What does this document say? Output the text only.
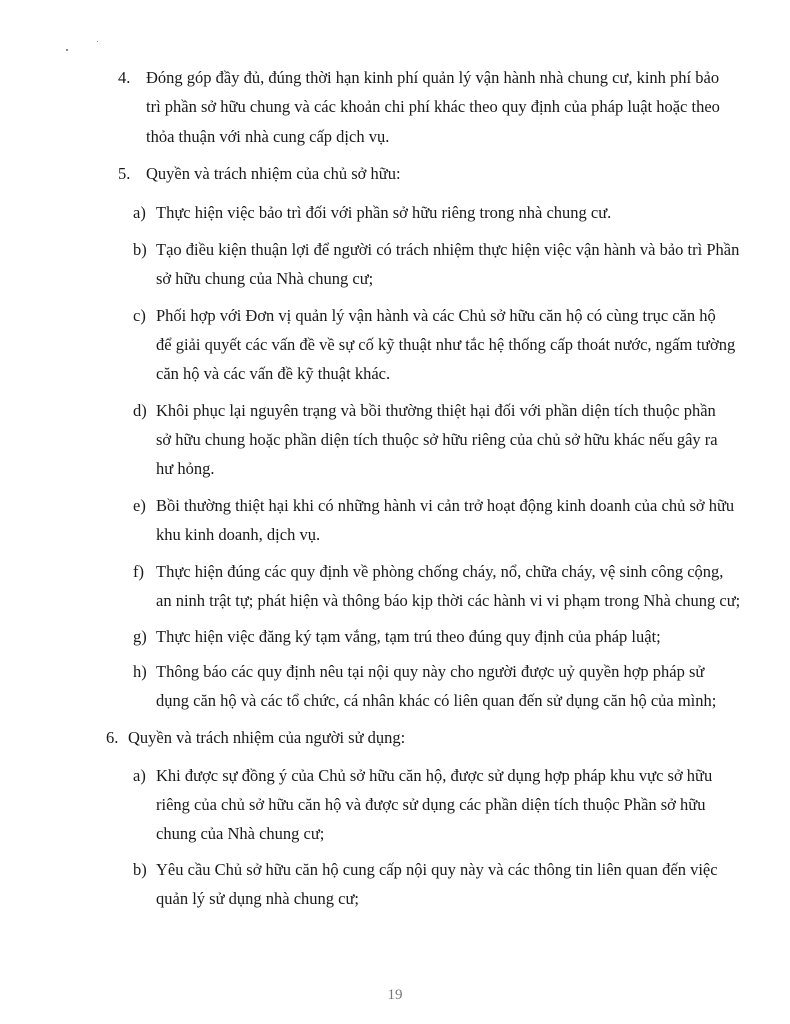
4. Đóng góp đầy đủ, đúng thời hạn kinh phí quản lý vận hành nhà chung cư, kinh phí bảo
trì phần sở hữu chung và các khoản chi phí khác theo quy định của pháp luật hoặc theo
thỏa thuận với nhà cung cấp dịch vụ.
5. Quyền và trách nhiệm của chủ sở hữu:
a) Thực hiện việc bảo trì đối với phần sở hữu riêng trong nhà chung cư.
b) Tạo điều kiện thuận lợi để người có trách nhiệm thực hiện việc vận hành và bảo trì Phần
sở hữu chung của Nhà chung cư;
c) Phối hợp với Đơn vị quản lý vận hành và các Chủ sở hữu căn hộ có cùng trục căn hộ
để giải quyết các vấn đề về sự cố kỹ thuật như tắc hệ thống cấp thoát nước, ngấm tường
căn hộ và các vấn đề kỹ thuật khác.
d) Khôi phục lại nguyên trạng và bồi thường thiệt hại đối với phần diện tích thuộc phần
sở hữu chung hoặc phần diện tích thuộc sở hữu riêng của chủ sở hữu khác nếu gây ra
hư hỏng.
e) Bồi thường thiệt hại khi có những hành vi cản trở hoạt động kinh doanh của chủ sở hữu
khu kinh doanh, dịch vụ.
f) Thực hiện đúng các quy định về phòng chống cháy, nổ, chữa cháy, vệ sinh công cộng,
an ninh trật tự; phát hiện và thông báo kịp thời các hành vi vi phạm trong Nhà chung cư;
g) Thực hiện việc đăng ký tạm vắng, tạm trú theo đúng quy định của pháp luật;
h) Thông báo các quy định nêu tại nội quy này cho người được uỷ quyền hợp pháp sử
dụng căn hộ và các tổ chức, cá nhân khác có liên quan đến sử dụng căn hộ của mình;
6. Quyền và trách nhiệm của người sử dụng:
a) Khi được sự đồng ý của Chủ sở hữu căn hộ, được sử dụng hợp pháp khu vực sở hữu
riêng của chủ sở hữu căn hộ và được sử dụng các phần diện tích thuộc Phần sở hữu
chung của Nhà chung cư;
b) Yêu cầu Chủ sở hữu căn hộ cung cấp nội quy này và các thông tin liên quan đến việc
quản lý sử dụng nhà chung cư;
19
